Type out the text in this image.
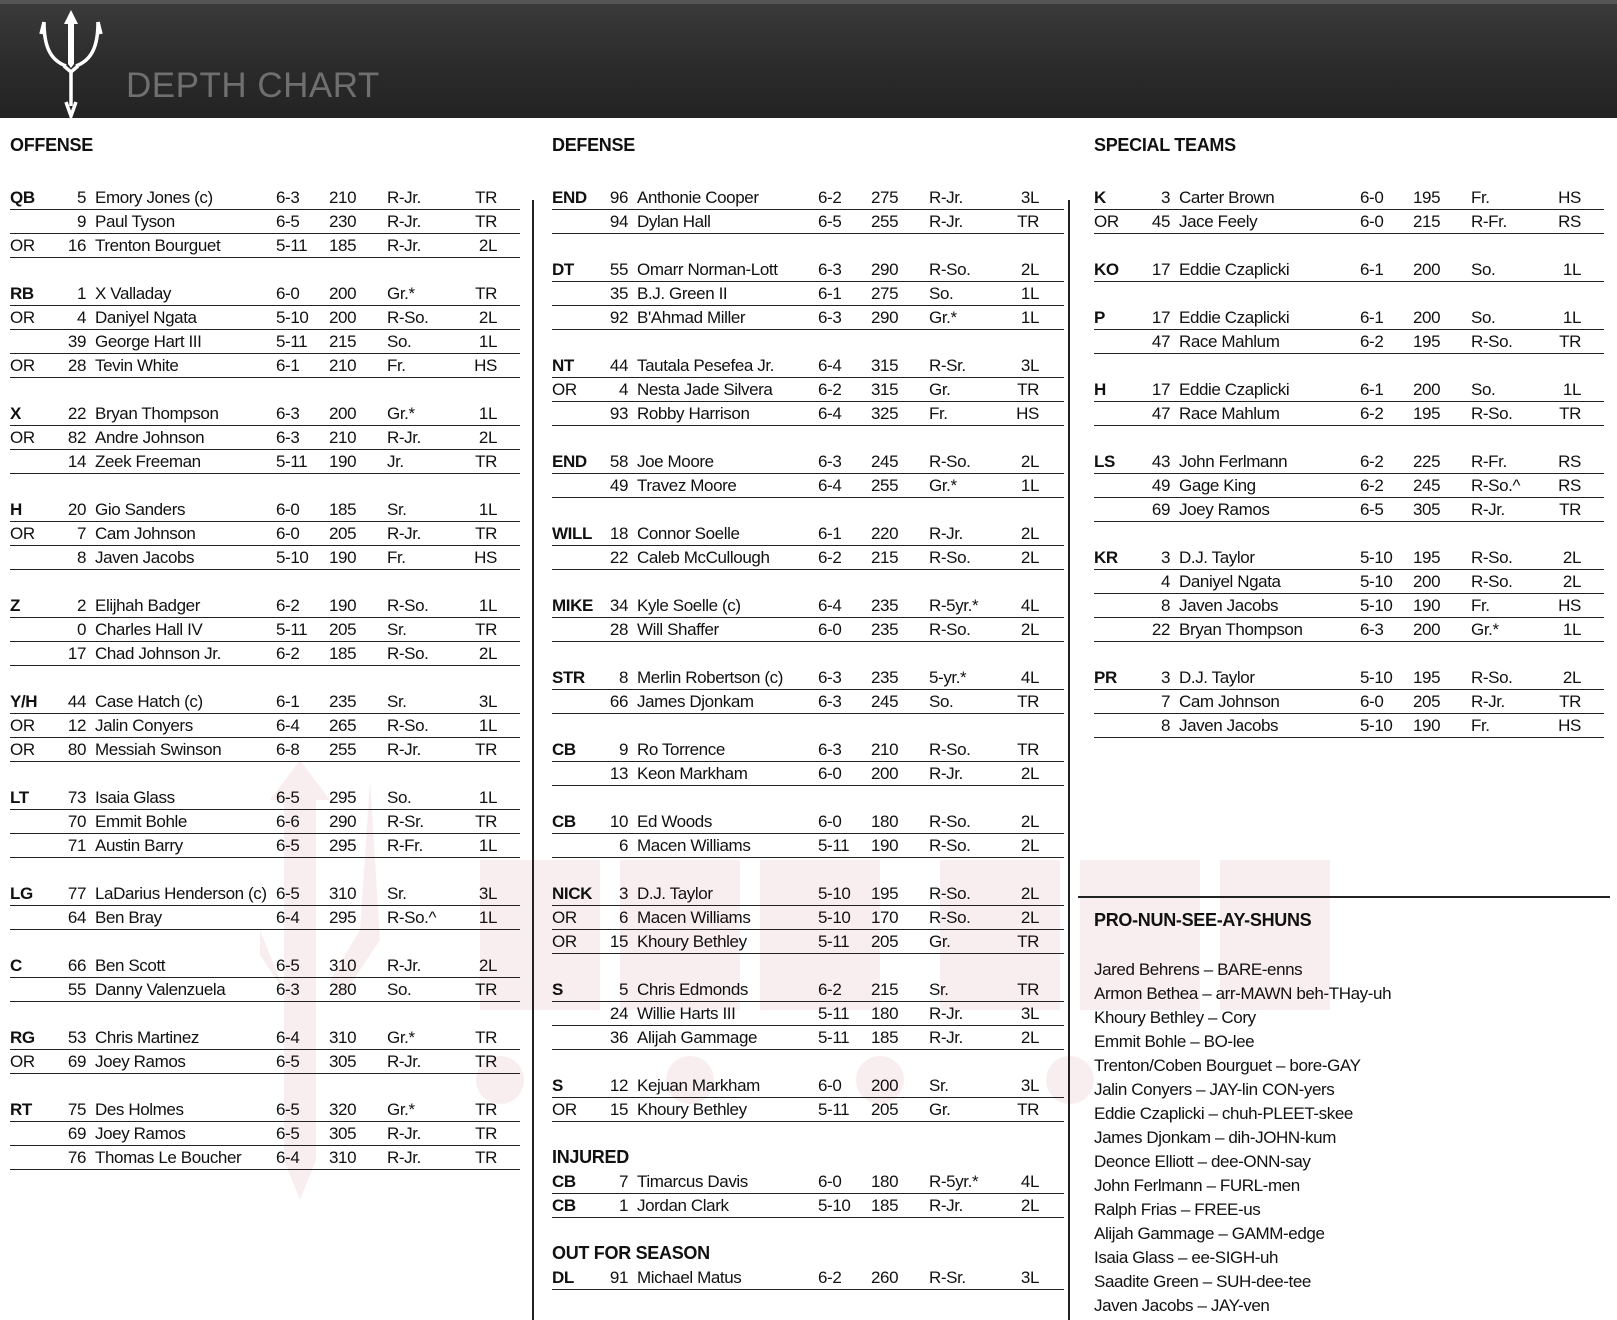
DEPTH CHART
OFFENSE
QB	5 Emory Jones (c)	6-3	210	R-Jr.	TR
9 Paul Tyson	6-5	230	R-Jr.	TR
OR	16 Trenton Bourguet	5-11	185	R-Jr.	2L
RB	1 X Valladay	6-0	200	Gr.*	TR
OR	4 Daniyel Ngata	5-10	200	R-So.	2L
39 George Hart III	5-11	215	So.	1L
OR	28 Tevin White	6-1	210	Fr.	HS
X	22 Bryan Thompson	6-3	200	Gr.*	1L
OR	82 Andre Johnson	6-3	210	R-Jr.	2L
14 Zeek Freeman	5-11	190	Jr.	TR
H	20 Gio Sanders	6-0	185	Sr.	1L
OR	7 Cam Johnson	6-0	205	R-Jr.	TR
8 Javen Jacobs	5-10	190	Fr.	HS
Z	2 Elijhah Badger	6-2	190	R-So.	1L
0 Charles Hall IV	5-11	205	Sr.	TR
17 Chad Johnson Jr.	6-2	185	R-So.	2L
Y/H	44 Case Hatch (c)	6-1	235	Sr.	3L
OR	12 Jalin Conyers	6-4	265	R-So.	1L
OR	80 Messiah Swinson	6-8	255	R-Jr.	TR
LT	73 Isaia Glass	6-5	295	So.	1L
70 Emmit Bohle	6-6	290	R-Sr.	TR
71 Austin Barry	6-5	295	R-Fr.	1L
LG	77 LaDarius Henderson (c) 6-5	310	Sr.	3L
64 Ben Bray	6-4	295	R-So.^	1L
C	66 Ben Scott	6-5	310	R-Jr.	2L
55 Danny Valenzuela	6-3	280	So.	TR
RG	53 Chris Martinez	6-4	310	Gr.*	TR
OR	69 Joey Ramos	6-5	305	R-Jr.	TR
RT	75 Des Holmes	6-5	320	Gr.*	TR
69 Joey Ramos	6-5	305	R-Jr.	TR
76 Thomas Le Boucher	6-4	310	R-Jr.	TR
DEFENSE
END	96 Anthonie Cooper	6-2	275	R-Jr.	3L
94 Dylan Hall	6-5	255	R-Jr.	TR
DT	55 Omarr Norman-Lott	6-3	290	R-So.	2L
35 B.J. Green II	6-1	275	So.	1L
92 B'Ahmad Miller	6-3	290	Gr.*	1L
NT	44 Tautala Pesefea Jr.	6-4	315	R-Sr.	3L
OR	4 Nesta Jade Silvera	6-2	315	Gr.	TR
93 Robby Harrison	6-4	325	Fr.	HS
END	58 Joe Moore	6-3	245	R-So.	2L
49 Travez Moore	6-4	255	Gr.*	1L
WILL	18 Connor Soelle	6-1	220	R-Jr.	2L
22 Caleb McCullough	6-2	215	R-So.	2L
MIKE 34 Kyle Soelle (c)	6-4	235	R-5yr.*	4L
28 Will Shaffer	6-0	235	R-So.	2L
STR	8 Merlin Robertson (c)	6-3	235	5-yr.*	4L
66 James Djonkam	6-3	245	So.	TR
CB	9 Ro Torrence	6-3	210	R-So.	TR
13 Keon Markham	6-0	200	R-Jr.	2L
CB	10 Ed Woods	6-0	180	R-So.	2L
6 Macen Williams	5-11	190	R-So.	2L
NICK	3 D.J. Taylor	5-10	195	R-So.	2L
OR	6 Macen Williams	5-10	170	R-So.	2L
OR	15 Khoury Bethley	5-11	205	Gr.	TR
S	5 Chris Edmonds	6-2	215	Sr.	TR
24 Willie Harts III	5-11	180	R-Jr.	3L
36 Alijah Gammage	5-11	185	R-Jr.	2L
S	12 Kejuan Markham	6-0	200	Sr.	3L
OR	15 Khoury Bethley	5-11	205	Gr.	TR
INJURED
CB	7 Timarcus Davis	6-0	180	R-5yr.*	4L
CB	1 Jordan Clark	5-10	185	R-Jr.	2L
OUT FOR SEASON
DL	91 Michael Matus	6-2	260	R-Sr.	3L
SPECIAL TEAMS
K	3 Carter Brown	6-0	195	Fr.	HS
OR	45 Jace Feely	6-0	215	R-Fr.	RS
KO	17 Eddie Czaplicki	6-1	200	So.	1L
P	17 Eddie Czaplicki	6-1	200	So.	1L
47 Race Mahlum	6-2	195	R-So.	TR
H	17 Eddie Czaplicki	6-1	200	So.	1L
47 Race Mahlum	6-2	195	R-So.	TR
LS	43 John Ferlmann	6-2	225	R-Fr.	RS
49 Gage King	6-2	245	R-So.^	RS
69 Joey Ramos	6-5	305	R-Jr.	TR
KR	3 D.J. Taylor	5-10	195	R-So.	2L
4 Daniyel Ngata	5-10	200	R-So.	2L
8 Javen Jacobs	5-10	190	Fr.	HS
22 Bryan Thompson	6-3	200	Gr.*	1L
PR	3 D.J. Taylor	5-10	195	R-So.	2L
7 Cam Johnson	6-0	205	R-Jr.	TR
8 Javen Jacobs	5-10	190	Fr.	HS
PRO-NUN-SEE-AY-SHUNS
Jared Behrens – BARE-enns
Armon Bethea – arr-MAWN beh-THay-uh
Khoury Bethley – Cory
Emmit Bohle – BO-lee
Trenton/Coben Bourguet – bore-GAY
Jalin Conyers – JAY-lin CON-yers
Eddie Czaplicki – chuh-PLEET-skee
James Djonkam – dih-JOHN-kum
Deonce Elliott – dee-ONN-say
John Ferlmann – FURL-men
Ralph Frias – FREE-us
Alijah Gammage – GAMM-edge
Isaia Glass – ee-SIGH-uh
Saadite Green – SUH-dee-tee
Javen Jacobs – JAY-ven
